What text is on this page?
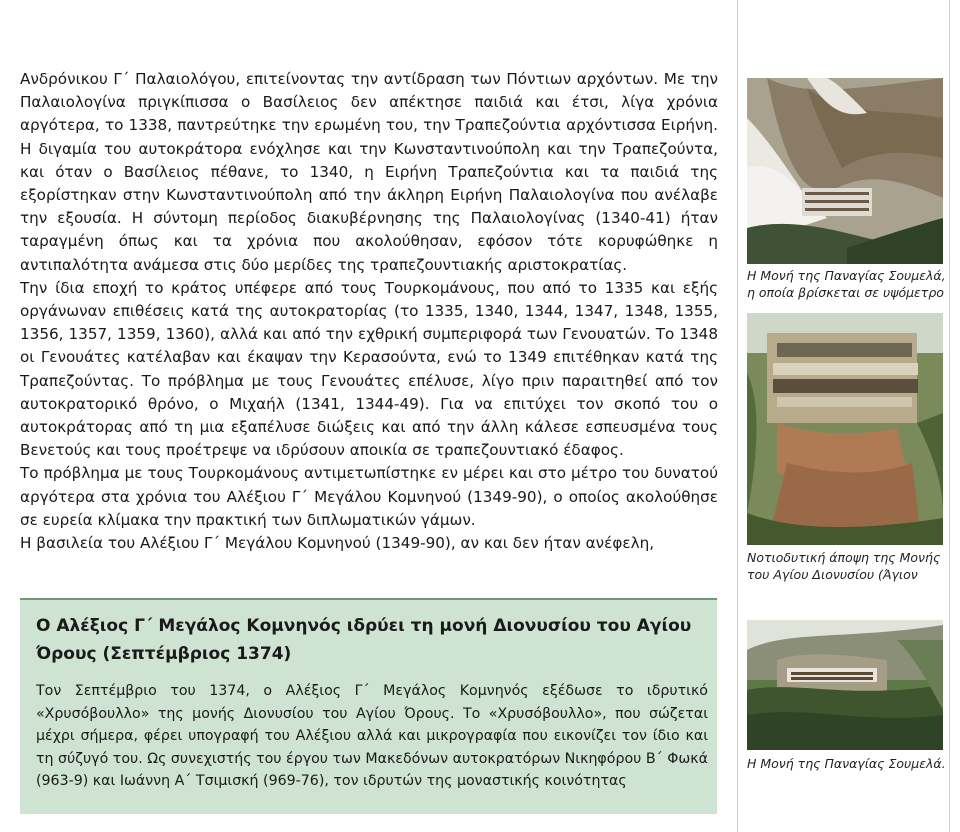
Ανδρόνικου Γ΄ Παλαιολόγου, επιτείνοντας την αντίδραση των Πόντιων αρχόντων. Με την Παλαιολογίνα πριγκίπισσα ο Βασίλειος δεν απέκτησε παιδιά και έτσι, λίγα χρόνια αργότερα, το 1338, παντρεύτηκε την ερωμένη του, την Τραπεζούντια αρχόντισσα Ειρήνη. Η διγαμία του αυτοκράτορα ενόχλησε και την Κωνσταντινούπολη και την Τραπεζούντα, και όταν ο Βασίλειος πέθανε, το 1340, η Ειρήνη Τραπεζούντια και τα παιδιά της εξορίστηκαν στην Κωνσταντινούπολη από την άκληρη Ειρήνη Παλαιολογίνα που ανέλαβε την εξουσία. Η σύντομη περίοδος διακυβέρνησης της Παλαιολογίνας (1340-41) ήταν ταραγμένη όπως και τα χρόνια που ακολούθησαν, εφόσον τότε κορυφώθηκε η αντιπαλότητα ανάμεσα στις δύο μερίδες της τραπεζουντιακής αριστοκρατίας.

Την ίδια εποχή το κράτος υπέφερε από τους Τουρκομάνους, που από το 1335 και εξής οργάνωναν επιθέσεις κατά της αυτοκρατορίας (το 1335, 1340, 1344, 1347, 1348, 1355, 1356, 1357, 1359, 1360), αλλά και από την εχθρική συμπεριφορά των Γενουατών. Το 1348 οι Γενουάτες κατέλαβαν και έκαψαν την Κερασούντα, ενώ το 1349 επιτέθηκαν κατά της Τραπεζούντας. Το πρόβλημα με τους Γενουάτες επέλυσε, λίγο πριν παραιτηθεί από τον αυτοκρατορικό θρόνο, ο Μιχαήλ (1341, 1344-49). Για να επιτύχει τον σκοπό του ο αυτοκράτορας από τη μια εξαπέλυσε διώξεις και από την άλλη κάλεσε εσπευσμένα τους Βενετούς και τους προέτρεψε να ιδρύσουν αποικία σε τραπεζουντιακό έδαφος.

Το πρόβλημα με τους Τουρκομάνους αντιμετωπίστηκε εν μέρει και στο μέτρο του δυνατού αργότερα στα χρόνια του Αλέξιου Γ΄ Μεγάλου Κομνηνού (1349-90), ο οποίος ακολούθησε σε ευρεία κλίμακα την πρακτική των διπλωματικών γάμων.

Η βασιλεία του Αλέξιου Γ΄ Μεγάλου Κομνηνού (1349-90), αν και δεν ήταν ανέφελη,

Ο Αλέξιος Γ΄ Μεγάλος Κομνηνός ιδρύει τη μονή Διονυσίου του Αγίου Όρους (Σεπτέμβριος 1374)

Τον Σεπτέμβριο του 1374, ο Αλέξιος Γ΄ Μεγάλος Κομνηνός εξέδωσε το ιδρυτικό «Χρυσόβουλλο» της μονής Διονυσίου του Αγίου Όρους. Το «Χρυσόβουλλο», που σώζεται μέχρι σήμερα, φέρει υπογραφή του Αλέξιου αλλά και μικρογραφία που εικονίζει τον ίδιο και τη σύζυγό του. Ως συνεχιστής του έργου των Μακεδόνων αυτοκρατόρων Νικηφόρου Β΄ Φωκά (963-9) και Ιωάννη Α΄ Τσιμισκή (969-76), τον ιδρυτών της μοναστικής κοινότητας

Η Μονή της Παναγίας Σουμελά, η οποία βρίσκεται σε υψόμετρο

Νοτιοδυτική άποψη της Μονής του Αγίου Διονυσίου (Άγιον

Η Μονή της Παναγίας Σουμελά.
